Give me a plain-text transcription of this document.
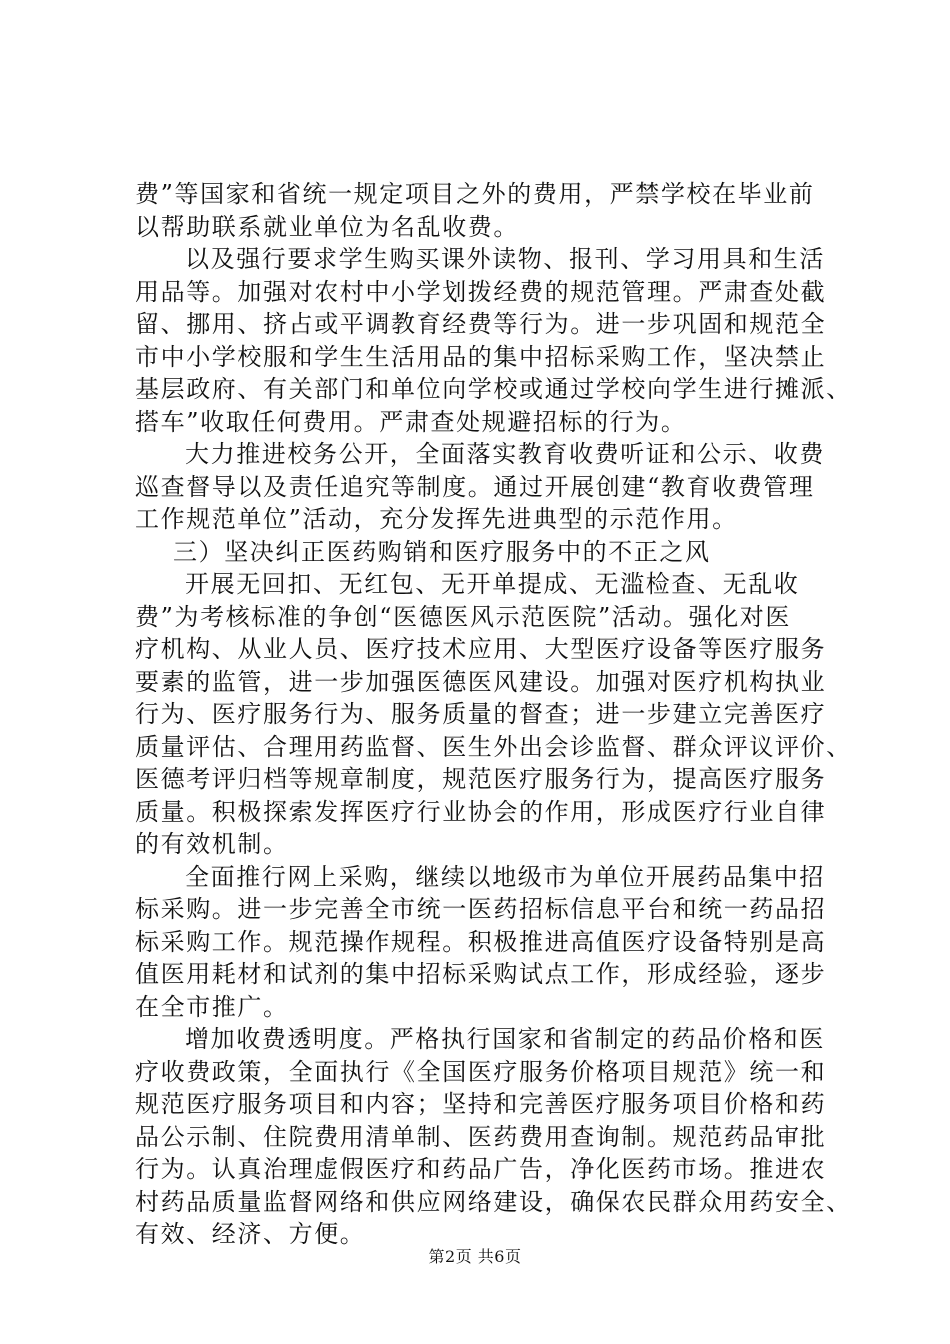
费”等国家和省统一规定项目之外的费用，严禁学校在毕业前
以帮助联系就业单位为名乱收费。
以及强行要求学生购买课外读物、报刊、学习用具和生活
用品等。加强对农村中小学划拨经费的规范管理。严肃查处截
留、挪用、挤占或平调教育经费等行为。进一步巩固和规范全
市中小学校服和学生生活用品的集中招标采购工作，坚决禁止
基层政府、有关部门和单位向学校或通过学校向学生进行摊派、
搭车”收取任何费用。严肃查处规避招标的行为。
大力推进校务公开，全面落实教育收费听证和公示、收费
巡查督导以及责任追究等制度。通过开展创建“教育收费管理
工作规范单位”活动，充分发挥先进典型的示范作用。
三）坚决纠正医药购销和医疗服务中的不正之风
开展无回扣、无红包、无开单提成、无滥检查、无乱收
费”为考核标准的争创“医德医风示范医院”活动。强化对医
疗机构、从业人员、医疗技术应用、大型医疗设备等医疗服务
要素的监管，进一步加强医德医风建设。加强对医疗机构执业
行为、医疗服务行为、服务质量的督查；进一步建立完善医疗
质量评估、合理用药监督、医生外出会诊监督、群众评议评价、
医德考评归档等规章制度，规范医疗服务行为，提高医疗服务
质量。积极探索发挥医疗行业协会的作用，形成医疗行业自律
的有效机制。
全面推行网上采购，继续以地级市为单位开展药品集中招
标采购。进一步完善全市统一医药招标信息平台和统一药品招
标采购工作。规范操作规程。积极推进高值医疗设备特别是高
值医用耗材和试剂的集中招标采购试点工作，形成经验，逐步
在全市推广。
增加收费透明度。严格执行国家和省制定的药品价格和医
疗收费政策，全面执行《全国医疗服务价格项目规范》统一和
规范医疗服务项目和内容；坚持和完善医疗服务项目价格和药
品公示制、住院费用清单制、医药费用查询制。规范药品审批
行为。认真治理虚假医疗和药品广告，净化医药市场。推进农
村药品质量监督网络和供应网络建设，确保农民群众用药安全、
有效、经济、方便。
第2页 共6页
